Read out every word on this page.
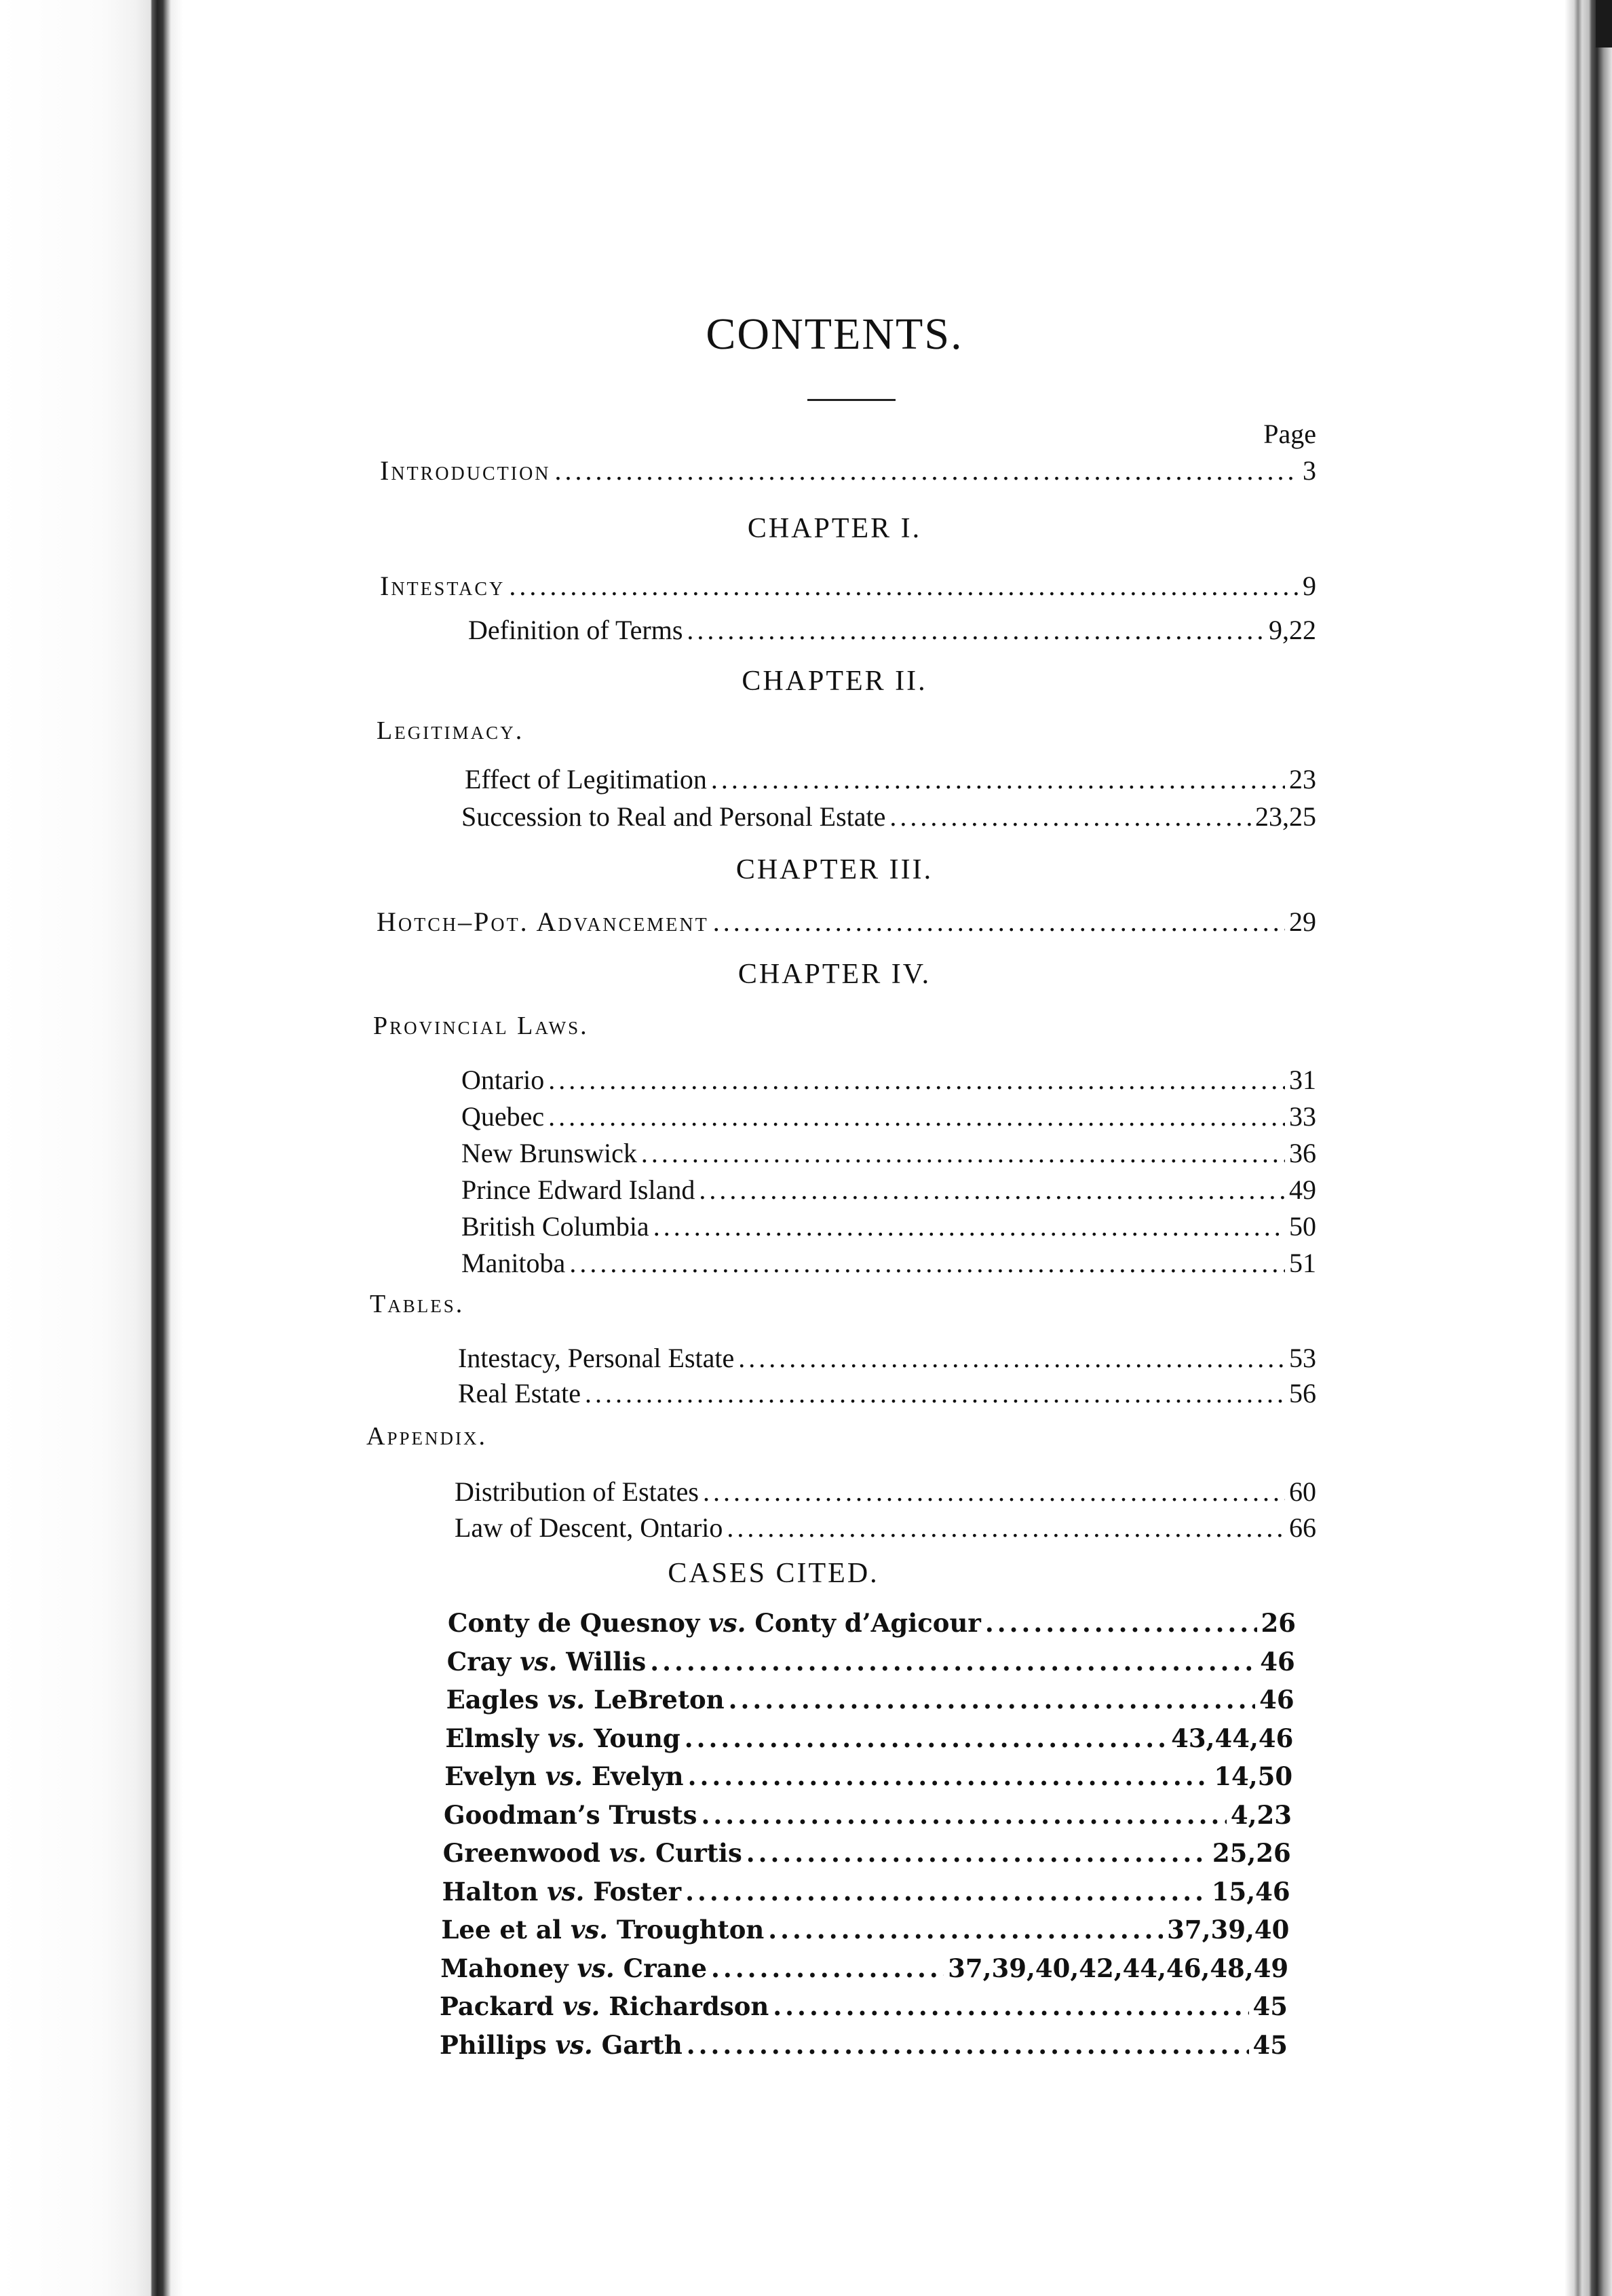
CONTENTS.
Page
Introduction .....	3
CHAPTER I.
Intestacy .....	9
Definition of Terms .....	9,22
CHAPTER II.
Legitimacy.
Effect of Legitimation .....	23
Succession to Real and Personal Estate .....	23,25
CHAPTER III.
Hotch–Pot. Advancement .....	29
CHAPTER IV.
Provincial Laws.
Ontario .....	31
Quebec .....	33
New Brunswick .....	36
Prince Edward Island .....	49
British Columbia .....	50
Manitoba .....	51
Tables.
Intestacy, Personal Estate .....	53
Real Estate .....	56
Appendix.
Distribution of Estates .....	60
Law of Descent, Ontario .....	66
CASES CITED.
Conty de Quesnoy vs. Conty d’Agicour .....	26
Cray vs. Willis .....	46
Eagles vs. LeBreton .....	46
Elmsly vs. Young .....	43,44,46
Evelyn vs. Evelyn .....	14,50
Goodman’s Trusts .....	4,23
Greenwood vs. Curtis .....	25,26
Halton vs. Foster .....	15,46
Lee et al vs. Troughton .....	37,39,40
Mahoney vs. Crane .....	37,39,40,42,44,46,48,49
Packard vs. Richardson .....	45
Phillips vs. Garth .....	45
